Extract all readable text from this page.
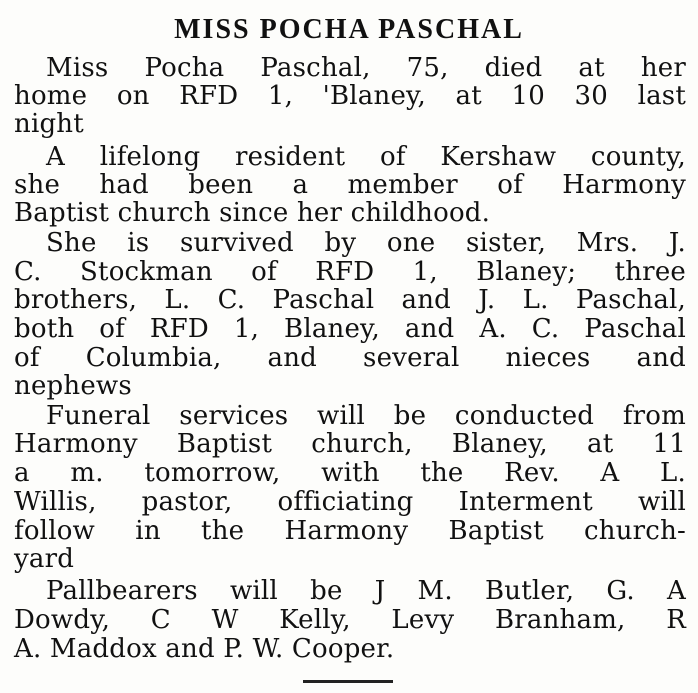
MISS POCHA PASCHAL
Miss Pocha Paschal, 75, died at her
home on RFD 1, 'Blaney, at 10 30 last
night
A lifelong resident of Kershaw county,
she had been a member of Harmony
Baptist church since her childhood.
She is survived by one sister, Mrs. J.
C. Stockman of RFD 1, Blaney; three
brothers, L. C. Paschal and J. L. Paschal,
both of RFD 1, Blaney, and A. C. Paschal
of Columbia, and several nieces and
nephews
Funeral services will be conducted from
Harmony Baptist church, Blaney, at 11
a m. tomorrow, with the Rev. A L.
Willis, pastor, officiating Interment will
follow in the Harmony Baptist church-
yard
Pallbearers will be J M. Butler, G. A
Dowdy, C W Kelly, Levy Branham, R
A. Maddox and P. W. Cooper.
